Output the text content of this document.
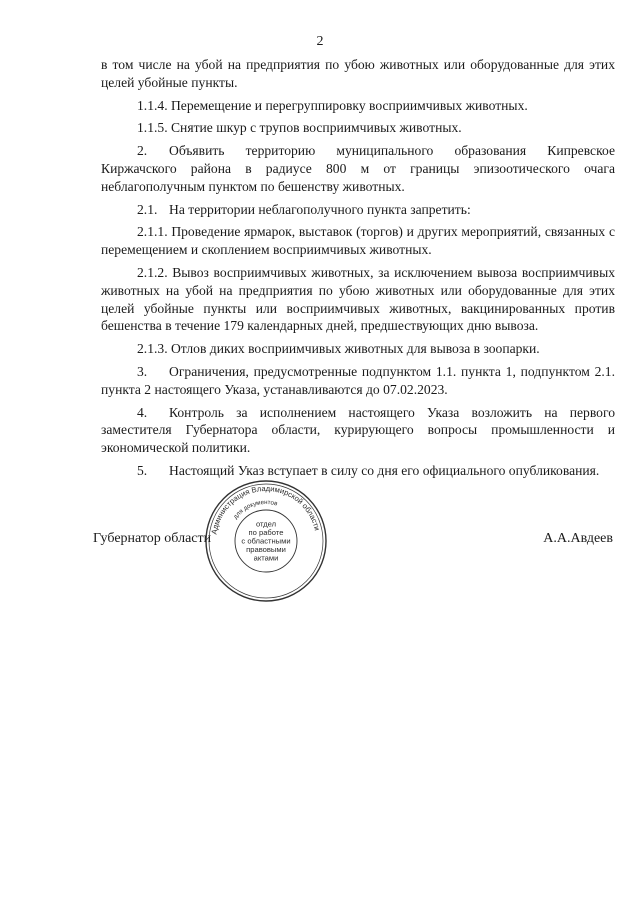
2

в том числе на убой на предприятия по убою животных или оборудованные для этих целей убойные пункты.

1.1.4. Перемещение и перегруппировку восприимчивых животных.

1.1.5. Снятие шкур с трупов восприимчивых животных.

2. Объявить территорию муниципального образования Кипревское Киржачского района в радиусе 800 м от границы эпизоотического очага неблагополучным пунктом по бешенству животных.

2.1. На территории неблагополучного пункта запретить:

2.1.1. Проведение ярмарок, выставок (торгов) и других мероприятий, связанных с перемещением и скоплением восприимчивых животных.

2.1.2. Вывоз восприимчивых животных, за исключением вывоза восприимчивых животных на убой на предприятия по убою животных или оборудованные для этих целей убойные пункты или восприимчивых животных, вакцинированных против бешенства в течение 179 календарных дней, предшествующих дню вывоза.

2.1.3. Отлов диких восприимчивых животных для вывоза в зоопарки.

3. Ограничения, предусмотренные подпунктом 1.1. пункта 1, подпунктом 2.1. пункта 2 настоящего Указа, устанавливаются до 07.02.2023.

4. Контроль за исполнением настоящего Указа возложить на первого заместителя Губернатора области, курирующего вопросы промышленности и экономической политики.

5. Настоящий Указ вступает в силу со дня его официального опубликования.

Губернатор области	А.А.Авдеев
Администрация Владимирской области
для документов
отдел
по работе
с областными
правовыми
актами
